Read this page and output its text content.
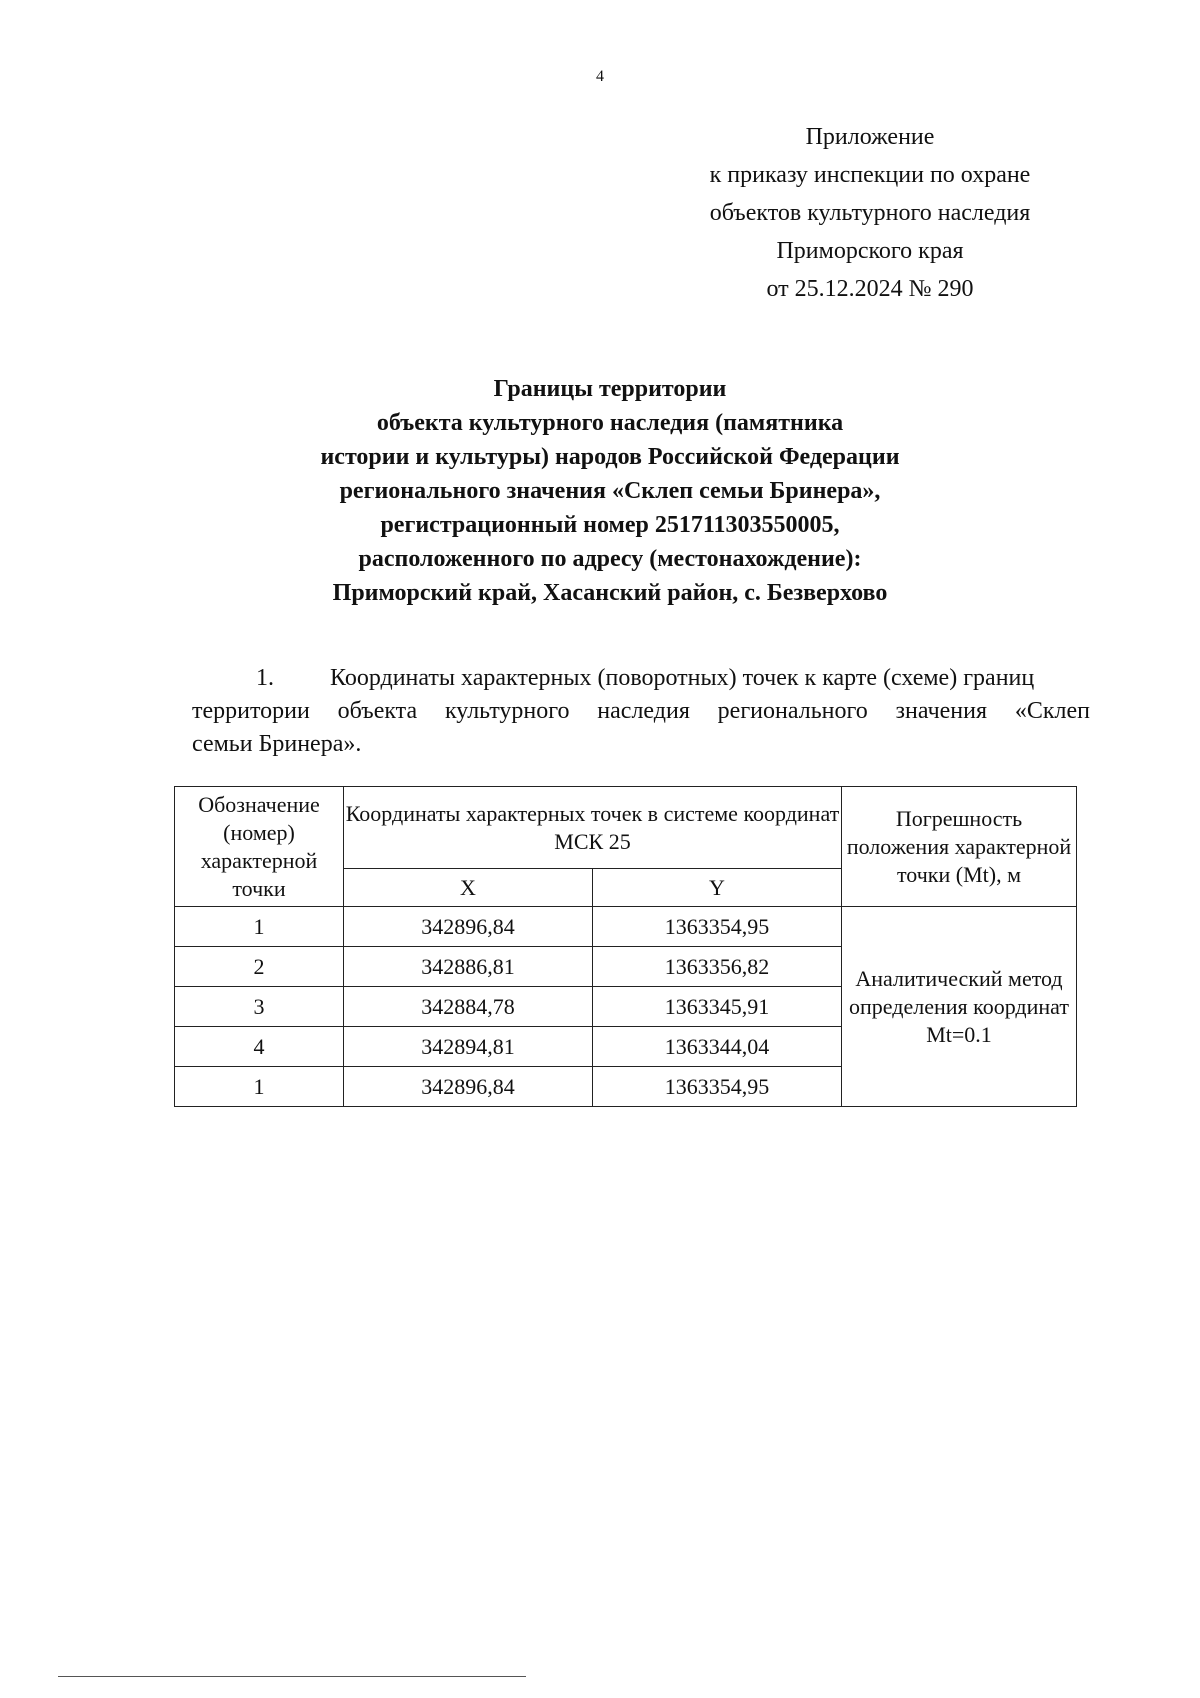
4
Приложение
к приказу инспекции по охране
объектов культурного наследия
Приморского края
от 25.12.2024 № 290
Границы территории
объекта культурного наследия (памятника
истории и культуры) народов Российской Федерации
регионального значения «Склеп семьи Бринера»,
регистрационный номер 251711303550005,
расположенного по адресу (местонахождение):
Приморский край, Хасанский район, с. Безверхово
1. Координаты характерных (поворотных) точек к карте (схеме) границ
территории объекта культурного наследия регионального значения «Склеп
семьи Бринера».
Обозначение (номер) характерной точки	Координаты характерных точек в системе координат МСК 25		Погрешность положения характерной точки (Mt), м
	X	Y	
1	342896,84	1363354,95	Аналитический метод определения координат Mt=0.1
2	342886,81	1363356,82	
3	342884,78	1363345,91	
4	342894,81	1363344,04	
1	342896,84	1363354,95	
